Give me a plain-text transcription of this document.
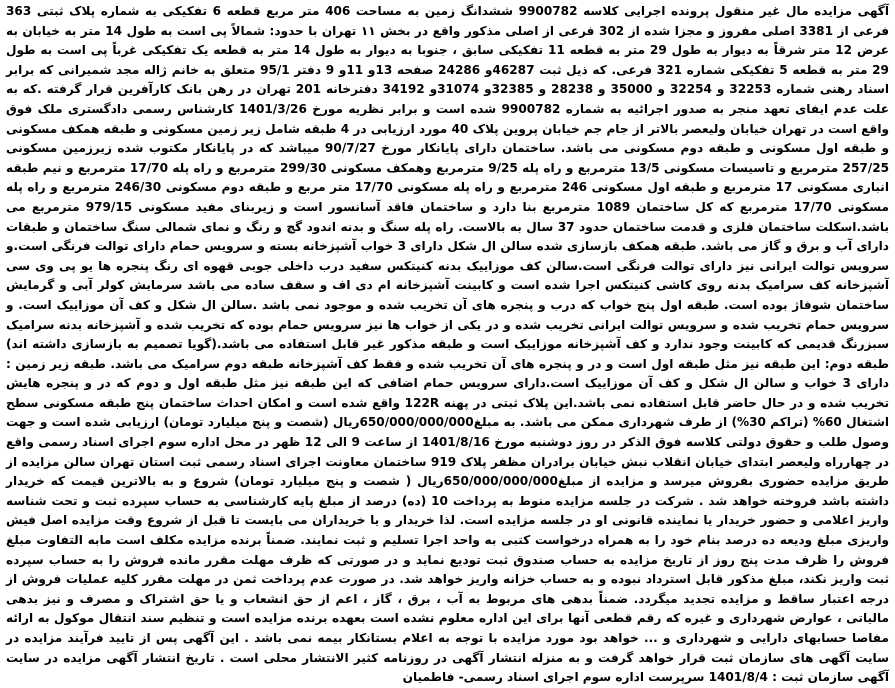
آگهی مزایده مال غیر منقول پرونده اجرایی کلاسه 9900782 ششدانگ زمین به مساحت 406 متر مربع قطعه 6 تفکیکی به شماره پلاک ثبتی 363 فرعی از 3381 اصلی مفروز و مجزا شده از 302 فرعی از اصلی مذکور واقع در بخش ۱۱ تهران با حدود: شمالاً پی است به طول 14 متر به خیابان به عرض 12 متر شرقاً به دیوار به طول 29 متر به قطعه 11 تفکیکی سابق ، جنوبا به دیوار به طول 14 متر به قطعه یک تفکیکی غرباً پی است به طول 29 متر به قطعه 5 تفکیکی شماره 321 فرعی. که ذیل ثبت 46287و 24286 صفحه 13و 11و 9 دفتر 95/1 متعلق به خانم ژاله مجد شمیرانی که برابر اسناد رهنی شماره 32253 و 32254 و 35000 و 28238 و 32385و 31074و 34192 دفترخانه 201 تهران در رهن بانک کارآفرین قرار گرفته .که به علت عدم ایفای تعهد منجر به صدور اجرائیه به شماره 9900782 شده است و برابر نظریه مورخ 1401/3/26 کارشناس رسمی دادگستری ملک فوق واقع است در تهران خیابان ولیعصر بالاتر از جام جم خیابان پروین پلاک 40 مورد ارزیابی در 4 طبقه شامل زیر زمین مسکونی و طبقه همکف مسکونی و طبقه اول مسکونی و طبقه دوم مسکونی می باشد. ساختمان دارای پایانکار مورخ 90/7/27 میباشد که در پایانکار مکتوب شده زیرزمین مسکونی 257/25 مترمربع و تاسیسات مسکونی 13/5 مترمربع و راه پله 9/25 مترمربع وهمکف مسکونی 299/30 مترمربع و راه پله 17/70 مترمربع و نیم طبقه انباری مسکونی 17 مترمربع و طبقه اول مسکونی 246 مترمربع و راه پله مسکونی 17/70 متر مربع و طبقه دوم مسکونی 246/30 مترمربع و راه پله مسکونی 17/70 مترمربع که کل ساختمان 1089 مترمربع بنا دارد و ساختمان فاقد آسانسور است و زیربنای مفید مسکونی 979/15 مترمربع می باشد.اسکلت ساختمان فلزی و قدمت ساختمان حدود 37 سال به بالاست. راه پله سنگ و بدنه اندود گچ و رنگ و نمای شمالی سنگ ساختمان و طبقات دارای آب و برق و گاز می باشد. طبقه همکف بازسازی شده سالن ال شکل دارای 3 خواب آشپزخانه بسته و سرویس حمام دارای توالت فرنگی است.و سرویس توالت ایرانی نیز دارای توالت فرنگی است.سالن کف موزاییک بدنه کنیتکس سفید درب داخلی جوبی قهوه ای رنگ پنجره ها یو پی وی سی آشپزخانه کف سرامیک بدنه روی کاشی کنیتکس اجرا شده است و کابینت آشپزخانه ام دی اف و سقف ساده می باشد سرمایش کولر آبی و گرمایش ساختمان شوفاژ بوده است. طبقه اول پنج خواب که درب و پنجره های آن تخریب شده و موجود نمی باشد .سالن ال شکل و کف آن موزاییک است. و سرویس حمام تخریب شده و سرویس توالت ایرانی تخریب شده و در یکی از خواب ها نیز سرویس حمام بوده که تخریب شده و آشپزخانه بدنه سرامیک سبزرنگ قدیمی که کابینت وجود ندارد و کف آشپزخانه موزاییک است و طبقه مذکور غیر قابل استفاده می باشد.(گویا تصمیم به بازسازی داشته اند) طبقه دوم: این طبقه نیز مثل طبقه اول است و در و پنجره های آن تخریب شده و فقط کف آشپزخانه طبقه دوم سرامیک می باشد. طبقه زیر زمین : دارای 3 خواب و سالن ال شکل و کف آن موزاییک است.دارای سرویس حمام اضافی که این طبقه نیز مثل طبقه اول و دوم که در و پنجره هایش تخریب شده و در حال حاضر قابل استفاده نمی باشد.این پلاک ثبتی در پهنه 122R واقع شده است و امکان احداث ساختمان پنج طبقه مسکونی سطح اشتغال 60% (تراکم 30%) از طرف شهرداری ممکن می باشد. به مبلغ650/000/000/000ریال (شصت و پنج میلیارد تومان) ارزیابی شده است و جهت وصول طلب و حقوق دولتی کلاسه فوق الذکر در روز دوشنبه مورخ 1401/8/16 از ساعت 9 الی 12 ظهر در محل اداره سوم اجرای اسناد رسمی واقع در چهارراه ولیعصر ابتدای خیابان انقلاب نبش خیابان برادران مظفر پلاک 919 ساختمان معاونت اجرای اسناد رسمی ثبت استان تهران سالن مزایده از طریق مزایده حضوری بفروش میرسد و مزایده از مبلغ650/000/000/000ریال ( شصت و پنج میلیارد تومان) شروع و به بالاترین قیمت که خریدار داشته باشد فروخته خواهد شد . شرکت در جلسه مزایده منوط به پرداخت 10 (ده) درصد از مبلغ پایه کارشناسی به حساب سپرده ثبت و تحت شناسه واریز اعلامی و حضور خریدار یا نماینده قانونی او در جلسه مزایده است. لذا خریدار و یا خریداران می بایست تا قبل از شروع وقت مزایده اصل فیش واریزی مبلغ ودیعه ده درصد بنام خود را به همراه درخواست کتبی به واحد اجرا تسلیم و ثبت نمایند. ضمناً برنده مزایده مکلف است مابه التفاوت مبلغ فروش را ظرف مدت پنج روز از تاریخ مزایده به حساب صندوق ثبت تودیع نماید و در صورتی که ظرف مهلت مقرر مانده فروش را به حساب سپرده ثبت واریز نکند، مبلغ مذکور قابل استرداد نبوده و به حساب خزانه واریز خواهد شد. در صورت عدم پرداخت ثمن در مهلت مقرر کلیه عملیات فروش از درجه اعتبار ساقط و مزایده تجدید میگردد. ضمناً بدهی های مربوط به آب ، برق ، گاز ، اعم از حق انشعاب و یا حق اشتراک و مصرف و نیز بدهی مالیاتی ، عوارض شهرداری و غیره که رقم قطعی آنها برای این اداره معلوم نشده است بعهده برنده مزایده است و تنظیم سند انتقال موکول به ارائه مفاصا حسابهای دارایی و شهرداری و ... خواهد بود مورد مزایده با توجه به اعلام بستانکار بیمه نمی باشد . این آگهی پس از تایید فرآیند مزایده در سایت آگهی های سازمان ثبت قرار خواهد گرفت و به منزله انتشار آگهی در روزنامه کثیر الانتشار محلی است . تاریخ انتشار آگهی مزایده در سایت آگهی سازمان ثبت : 1401/8/4 سرپرست اداره سوم اجرای اسناد رسمی- فاطمیان
